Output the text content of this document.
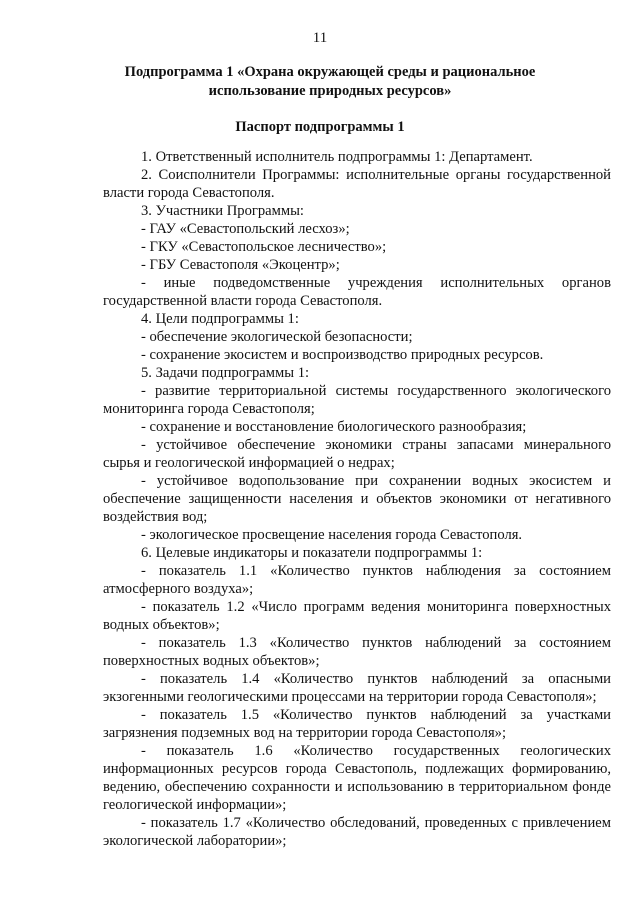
11
Подпрограмма 1 «Охрана окружающей среды и рациональное
использование природных ресурсов»
Паспорт подпрограммы 1

1. Ответственный исполнитель подпрограммы 1: Департамент.

2. Соисполнители Программы: исполнительные органы государственной власти города Севастополя.

3. Участники Программы:

- ГАУ «Севастопольский лесхоз»;

- ГКУ «Севастопольское лесничество»;

- ГБУ Севастополя «Экоцентр»;

- иные подведомственные учреждения исполнительных органов государственной власти города Севастополя.

4. Цели подпрограммы 1:

- обеспечение экологической безопасности;

- сохранение экосистем и воспроизводство природных ресурсов.

5. Задачи подпрограммы 1:

- развитие территориальной системы государственного экологического мониторинга города Севастополя;

- сохранение и восстановление биологического разнообразия;

- устойчивое обеспечение экономики страны запасами минерального сырья и геологической информацией о недрах;

- устойчивое водопользование при сохранении водных экосистем и обеспечение защищенности населения и объектов экономики от негативного воздействия вод;

- экологическое просвещение населения города Севастополя.

6. Целевые индикаторы и показатели подпрограммы 1:

- показатель 1.1 «Количество пунктов наблюдения за состоянием атмосферного воздуха»;

- показатель 1.2 «Число программ ведения мониторинга поверхностных водных объектов»;

- показатель 1.3 «Количество пунктов наблюдений за состоянием поверхностных водных объектов»;

- показатель 1.4 «Количество пунктов наблюдений за опасными экзогенными геологическими процессами на территории города Севастополя»;

- показатель 1.5 «Количество пунктов наблюдений за участками загрязнения подземных вод на территории города Севастополя»;

- показатель 1.6 «Количество государственных геологических информационных ресурсов города Севастополь, подлежащих формированию, ведению, обеспечению сохранности и использованию в территориальном фонде геологической информации»;

- показатель 1.7 «Количество обследований, проведенных с привлечением экологической лаборатории»;
